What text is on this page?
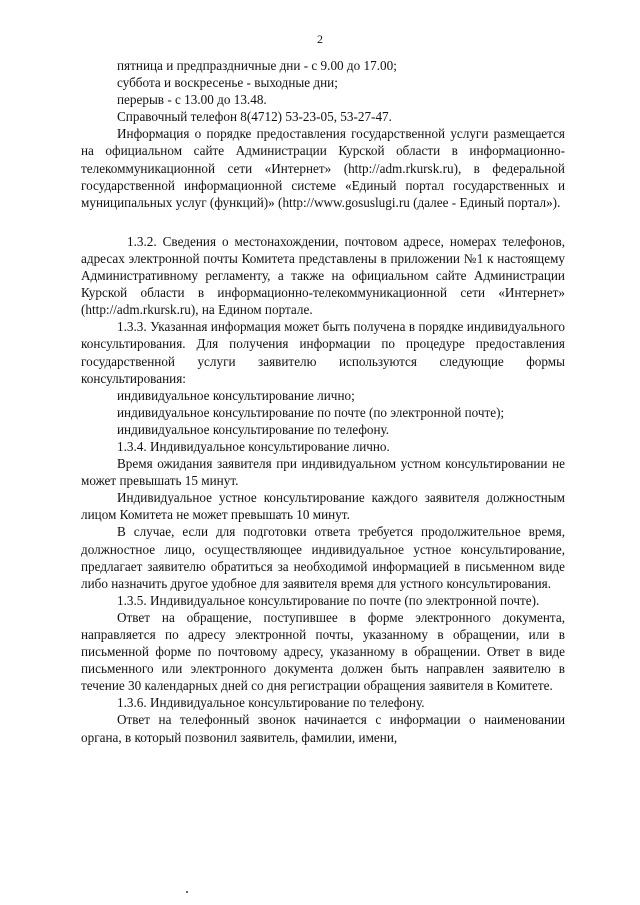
2

пятница и предпраздничные дни - с 9.00 до 17.00;

суббота и воскресенье - выходные дни;

перерыв - с 13.00 до 13.48.

Справочный телефон 8(4712) 53-23-05, 53-27-47.

Информация о порядке предоставления государственной услуги размещается на официальном сайте Администрации Курской области в информационно-телекоммуникационной сети «Интернет» (http://adm.rkursk.ru), в федеральной государственной информационной системе «Единый портал государственных и муниципальных услуг (функций)» (http://www.gosuslugi.ru (далее - Единый портал»).

1.3.2. Сведения о местонахождении, почтовом адресе, номерах телефонов, адресах электронной почты Комитета представлены в приложении №1 к настоящему Административному регламенту, а также на официальном сайте Администрации Курской области в информационно-телекоммуникационной сети «Интернет» (http://adm.rkursk.ru), на Едином портале.

1.3.3. Указанная информация может быть получена в порядке индивидуального консультирования. Для получения информации по процедуре предоставления государственной услуги заявителю используются следующие формы консультирования:

индивидуальное консультирование лично;

индивидуальное консультирование по почте (по электронной почте);

индивидуальное консультирование по телефону.

1.3.4. Индивидуальное консультирование лично.

Время ожидания заявителя при индивидуальном устном консультировании не может превышать 15 минут.

Индивидуальное устное консультирование каждого заявителя должностным лицом Комитета не может превышать 10 минут.

В случае, если для подготовки ответа требуется продолжительное время, должностное лицо, осуществляющее индивидуальное устное консультирование, предлагает заявителю обратиться за необходимой информацией в письменном виде либо назначить другое удобное для заявителя время для устного консультирования.

1.3.5. Индивидуальное консультирование по почте (по электронной почте).

Ответ на обращение, поступившее в форме электронного документа, направляется по адресу электронной почты, указанному в обращении, или в письменной форме по почтовому адресу, указанному в обращении. Ответ в виде письменного или электронного документа должен быть направлен заявителю в течение 30 календарных дней со дня регистрации обращения заявителя в Комитете.

1.3.6. Индивидуальное консультирование по телефону.

Ответ на телефонный звонок начинается с информации о наименовании органа, в который позвонил заявитель, фамилии, имени,
